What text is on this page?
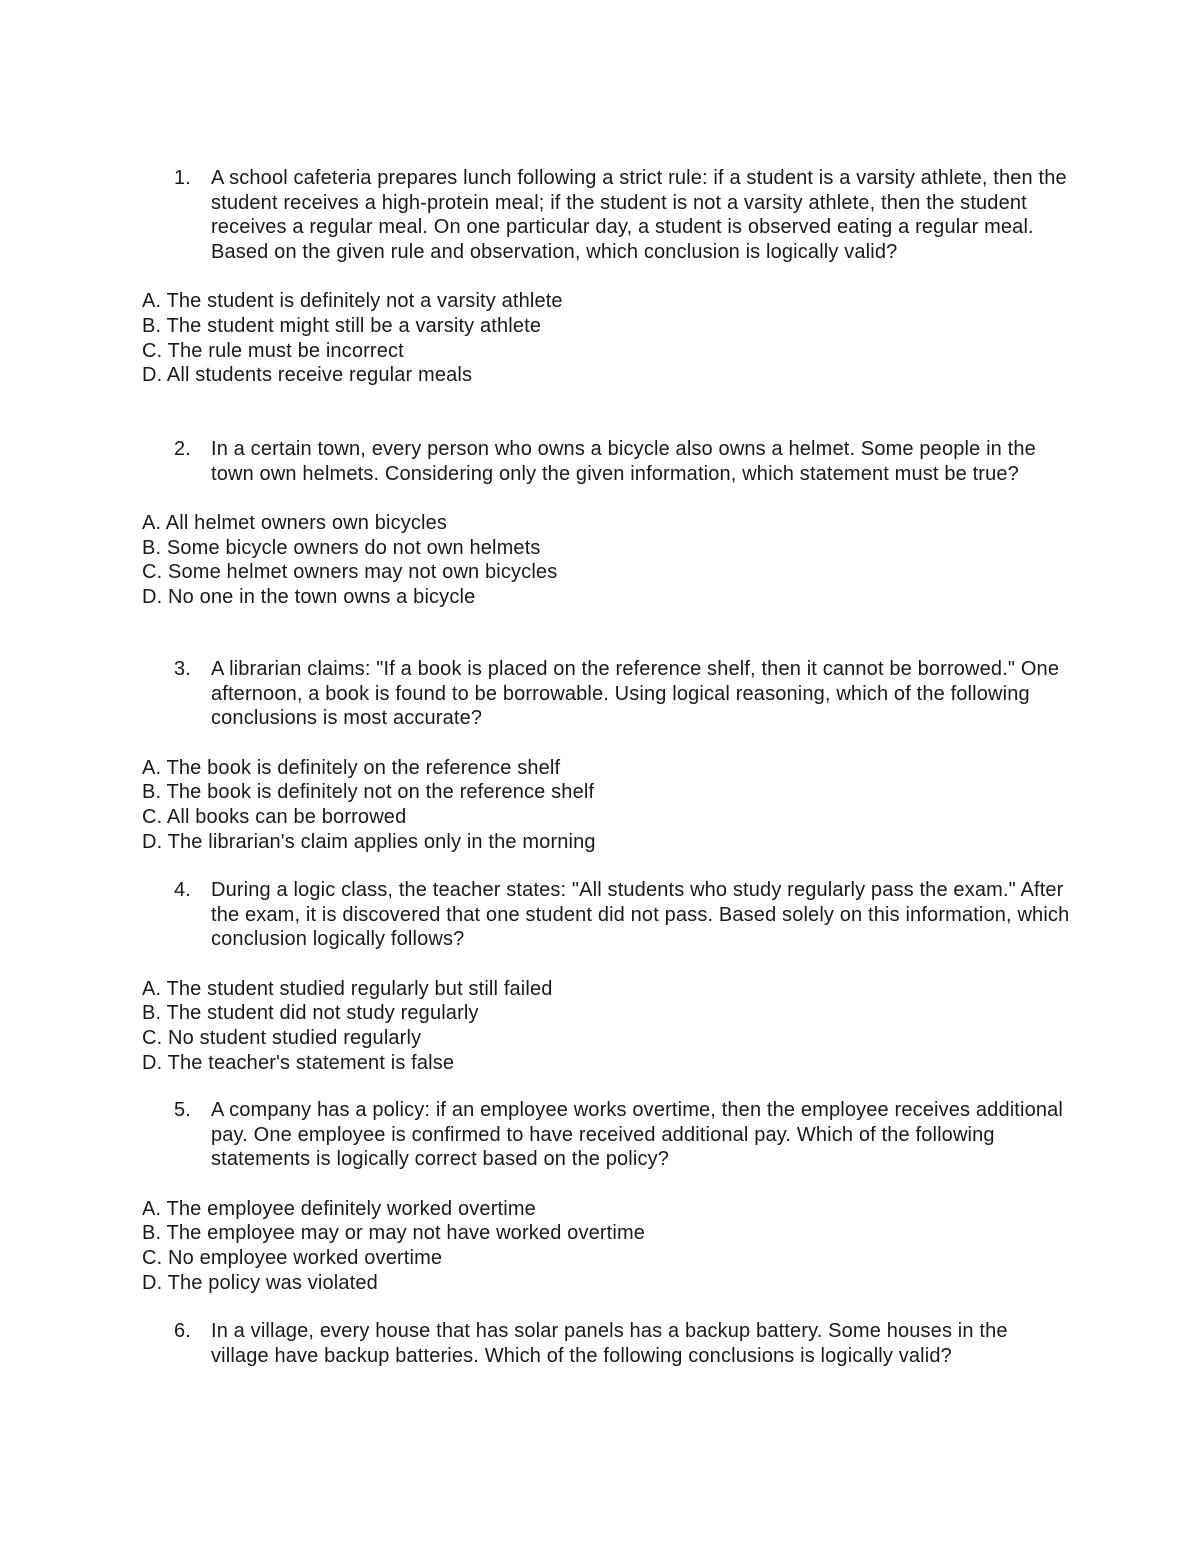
1.	A school cafeteria prepares lunch following a strict rule: if a student is a varsity athlete, then the student receives a high-protein meal; if the student is not a varsity athlete, then the student receives a regular meal. On one particular day, a student is observed eating a regular meal. Based on the given rule and observation, which conclusion is logically valid?
A. The student is definitely not a varsity athlete
B. The student might still be a varsity athlete
C. The rule must be incorrect
D. All students receive regular meals
2.	In a certain town, every person who owns a bicycle also owns a helmet. Some people in the town own helmets. Considering only the given information, which statement must be true?
A. All helmet owners own bicycles
B. Some bicycle owners do not own helmets
C. Some helmet owners may not own bicycles
D. No one in the town owns a bicycle
3.	A librarian claims: "If a book is placed on the reference shelf, then it cannot be borrowed." One afternoon, a book is found to be borrowable. Using logical reasoning, which of the following conclusions is most accurate?
A. The book is definitely on the reference shelf
B. The book is definitely not on the reference shelf
C. All books can be borrowed
D. The librarian's claim applies only in the morning
4.	During a logic class, the teacher states: "All students who study regularly pass the exam." After the exam, it is discovered that one student did not pass. Based solely on this information, which conclusion logically follows?
A. The student studied regularly but still failed
B. The student did not study regularly
C. No student studied regularly
D. The teacher's statement is false
5.	A company has a policy: if an employee works overtime, then the employee receives additional pay. One employee is confirmed to have received additional pay. Which of the following statements is logically correct based on the policy?
A. The employee definitely worked overtime
B. The employee may or may not have worked overtime
C. No employee worked overtime
D. The policy was violated
6.	In a village, every house that has solar panels has a backup battery. Some houses in the village have backup batteries. Which of the following conclusions is logically valid?
